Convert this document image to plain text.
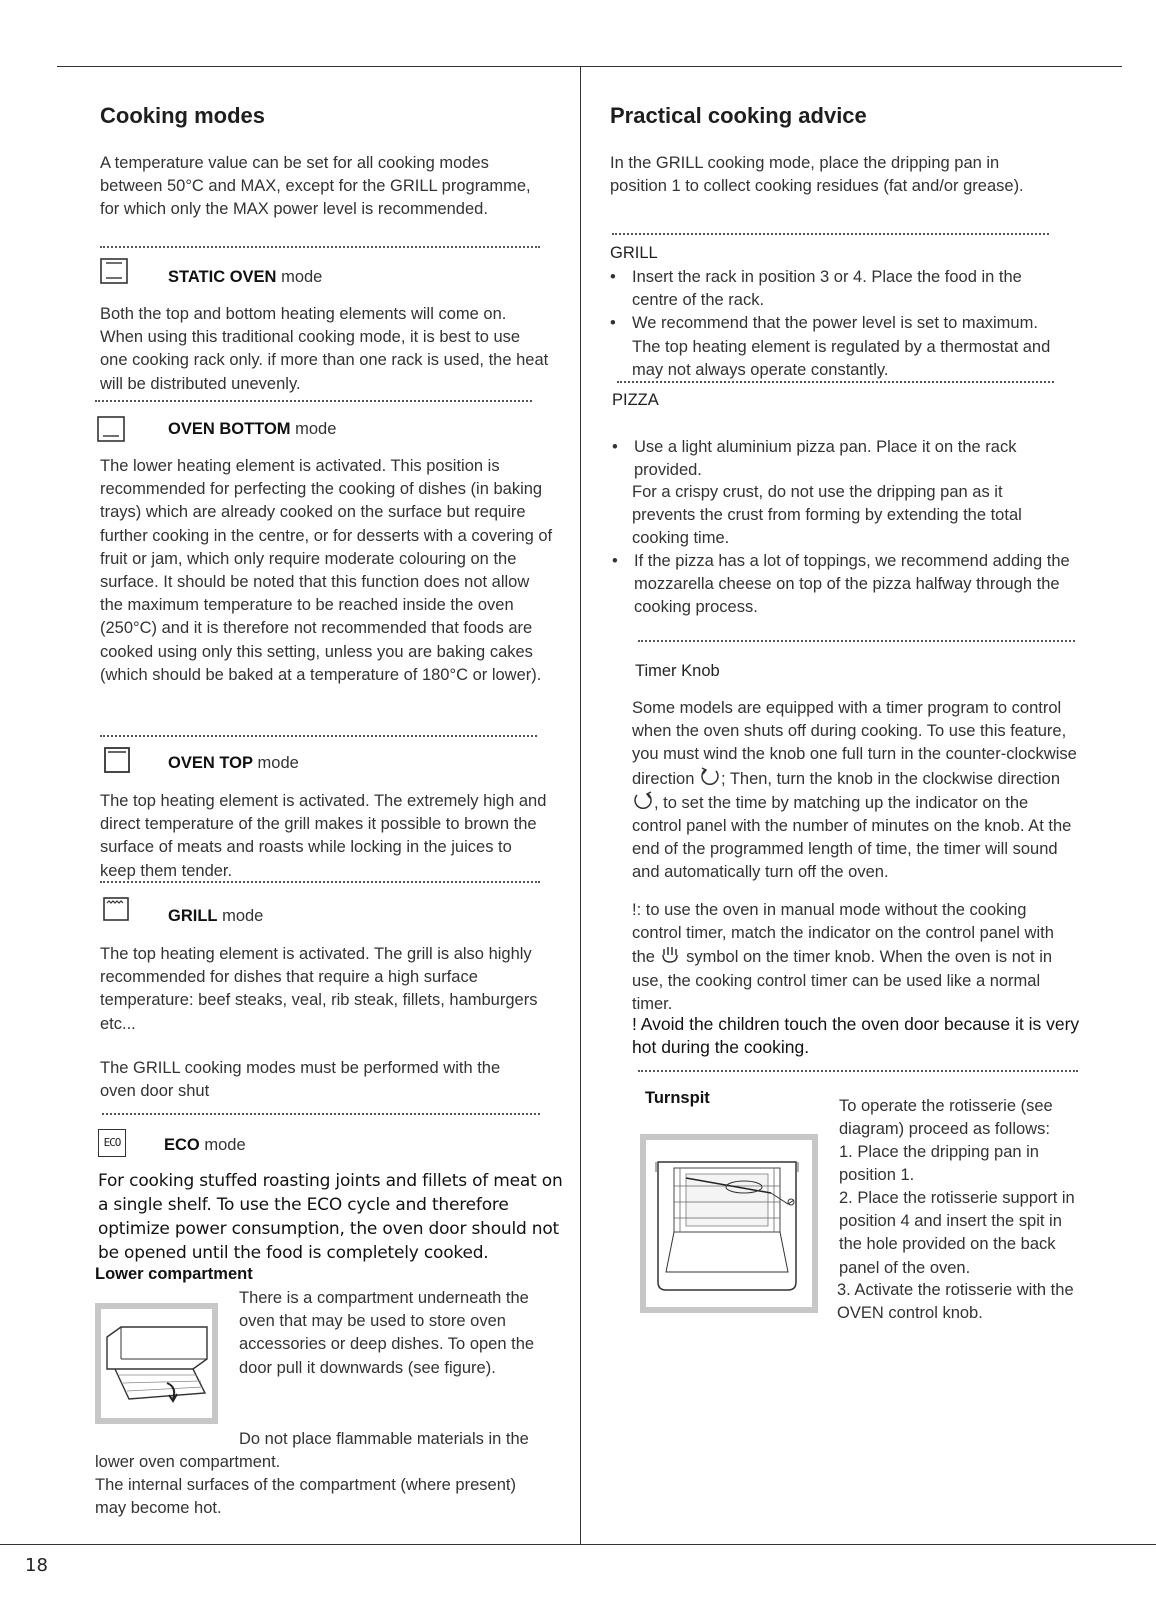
18
Cooking modes
A temperature value can be set for all cooking modes between 50°C and MAX, except for the GRILL programme, for which only the MAX power level is recommended.
STATIC OVEN mode
Both the top and bottom heating elements will come on. When using this traditional cooking mode, it is best to use one cooking rack only. if more than one rack is used, the heat will be distributed unevenly.
OVEN BOTTOM mode
The lower heating element is activated. This position is recommended for perfecting the cooking of dishes (in baking trays) which are already cooked on the surface but require further cooking in the centre, or for desserts with a covering of fruit or jam, which only require moderate colouring on the surface. It should be noted that this function does not allow the maximum temperature to be reached inside the oven (250°C) and it is therefore not recommended that foods are cooked using only this setting, unless you are baking cakes (which should be baked at a temperature of 180°C or lower).
OVEN TOP mode
The top heating element is activated. The extremely high and direct temperature of the grill makes it possible to brown the surface of meats and roasts while locking in the juices to keep them tender.
GRILL mode
The top heating element is activated. The grill is also highly recommended for dishes that require a high surface temperature: beef steaks, veal, rib steak, fillets, hamburgers etc...
The GRILL cooking modes must be performed with the oven door shut
ECO	ECO mode
For cooking stuffed roasting joints and fillets of meat on a single shelf. To use the ECO cycle and therefore optimize power consumption, the oven door should not be opened until the food is completely cooked.
Lower compartment
There is a compartment underneath the oven that may be used to store oven accessories or deep dishes. To open the door pull it downwards (see figure).
Do not place flammable materials in the lower oven compartment.
The internal surfaces of the compartment (where present) may become hot.
Practical cooking advice
In the GRILL cooking mode, place the dripping pan in position 1 to collect cooking residues (fat and/or grease).
GRILL
• Insert the rack in position 3 or 4. Place the food in the centre of the rack.
• We recommend that the power level is set to maximum. The top heating element is regulated by a thermostat and may not always operate constantly.
PIZZA
• Use a light aluminium pizza pan. Place it on the rack provided.
For a crispy crust, do not use the dripping pan as it prevents the crust from forming by extending the total cooking time.
• If the pizza has a lot of toppings, we recommend adding the mozzarella cheese on top of the pizza halfway through the cooking process.
Timer Knob
Some models are equipped with a timer program to control when the oven shuts off during cooking. To use this feature, you must wind the knob one full turn in the counter-clockwise direction ; Then, turn the knob in the clockwise direction , to set the time by matching up the indicator on the control panel with the number of minutes on the knob. At the end of the programmed length of time, the timer will sound and automatically turn off the oven.
!: to use the oven in manual mode without the cooking control timer, match the indicator on the control panel with the  symbol on the timer knob. When the oven is not in use, the cooking control timer can be used like a normal timer.
! Avoid the children touch the oven door because it is very hot during the cooking.
Turnspit	To operate the rotisserie (see diagram) proceed as follows:
1. Place the dripping pan in position 1.
2. Place the rotisserie support in position 4 and insert the spit in the hole provided on the back panel of the oven.
3. Activate the rotisserie with the OVEN control knob.
